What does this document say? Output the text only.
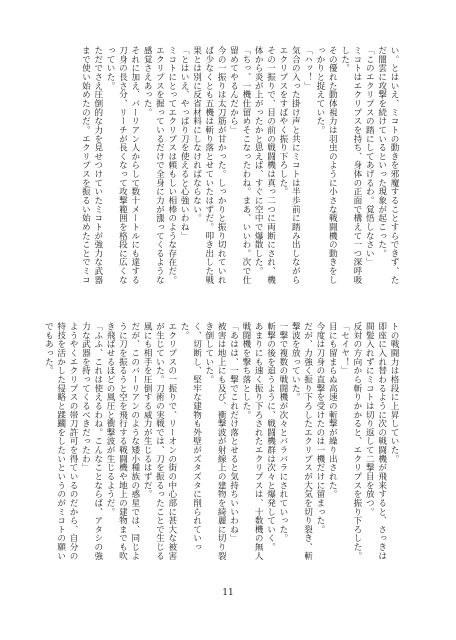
い。とはいえ、ミコトの動きを邪魔することすらできず、ただ闇雲に攻撃を続けているといった現象が起こった。

「このエクリプスの踏にしてあげるわ。覚悟しなさい」

ミコトはエクリプスを持ち、身体の正面で構えて一つ深呼吸した。

その優れた動体視力は羽虫のように小さな戦闘機の動きをしっかりと捉えていた。

「ハッ！」

気合の入った掛け声と共にミコトは半歩前に踏み出しながらエクリプスをすばやく振り下ろした。

その一振りで、目の前の戦闘機は真っ二つに両断にされ、機体から炎が上がったかと思えば、すぐに空中で爆散した。

「ちっ、一機仕留めそこなったわね。まあ、いいわ。次で仕留めてやるんだから」

今の一振りは太刀筋が甘かった。しっかりと振り切れていれば少なくとも五機は斬り落とせていたはずだ。叩き出した戦果とは別に反省材料にしなければならない。

「とはいえ、やっぱり刀を使えると心強いわね」

ミコトにとってエクリプスは頼もしい相棒のような存在だ。エクリプスを握っているだけで全身に力が漲ってくるような感覚さえあった。

それに加え、バーリアン人からして数十メートルにも達する刀身の長さ分、リーチが長くなって攻撃範囲を格段に広くなっていた。

ただでさえ圧倒的な力を見せつけていたミコトが強力な武器まで使い始めたのだ。エクリプスを振るい始めたことでミコ

トの戦闘力は格段に上昇していた。

即座に入れ替わるように次の戦闘機が飛来すると、さっきは間髪入れずにミコトは切り返して二撃目を放つ。

反対の方向から斬りかかると、エクリプスを振り下ろした。

「セイヤ！」

目にも留まらぬ高速の斬撃が繰り出された。

今度は刀身の直撃を受けたのは一機だけに留まった。

だが、力強く振り下ろしたエクリプスが大気を切り裂き、斬撃波を放っていた。

一撃で複数の戦闘機が次々とバラバラにされていった。

斬撃の後を追うように、戦闘機群は次々と爆発していく。

あまりにも速く振り下ろされたエクリプスは、十数機の無人戦闘機を撃ち落とした。

「あはは、一撃でこれだけ落とせると気持ちいいわね」

被害は地上にも及び、衝撃波が射線上の建物を綺麗に切り裂き倒していた。

く、切断し、堅牢な建物も外壁がズタズタに削られていった。

エクリプスの一振りで、リーオンの街の中心部に甚大な被害が生じていた。刀術の実戦では、刀を振るったことで生じる風にも相手を圧倒する威力が生じるはずだ。

だが、このバーリアンのような矮小種族の惑星では、同じように刀を振るうと空を飛行する戦闘機や地上の建物までも吹き飛ばせるほどの風圧と衝撃波が生じるようだ。

「ふふ、これは使えるわね。こんなことならば、アタシの強力な武器を持ってくるべきだったわ」

ようやくエクリプスの帯刀許可を得ているのだから、自分の特技を活かした侵略と蹂躙をしたいというのがミコトの願いでもあった。

11
